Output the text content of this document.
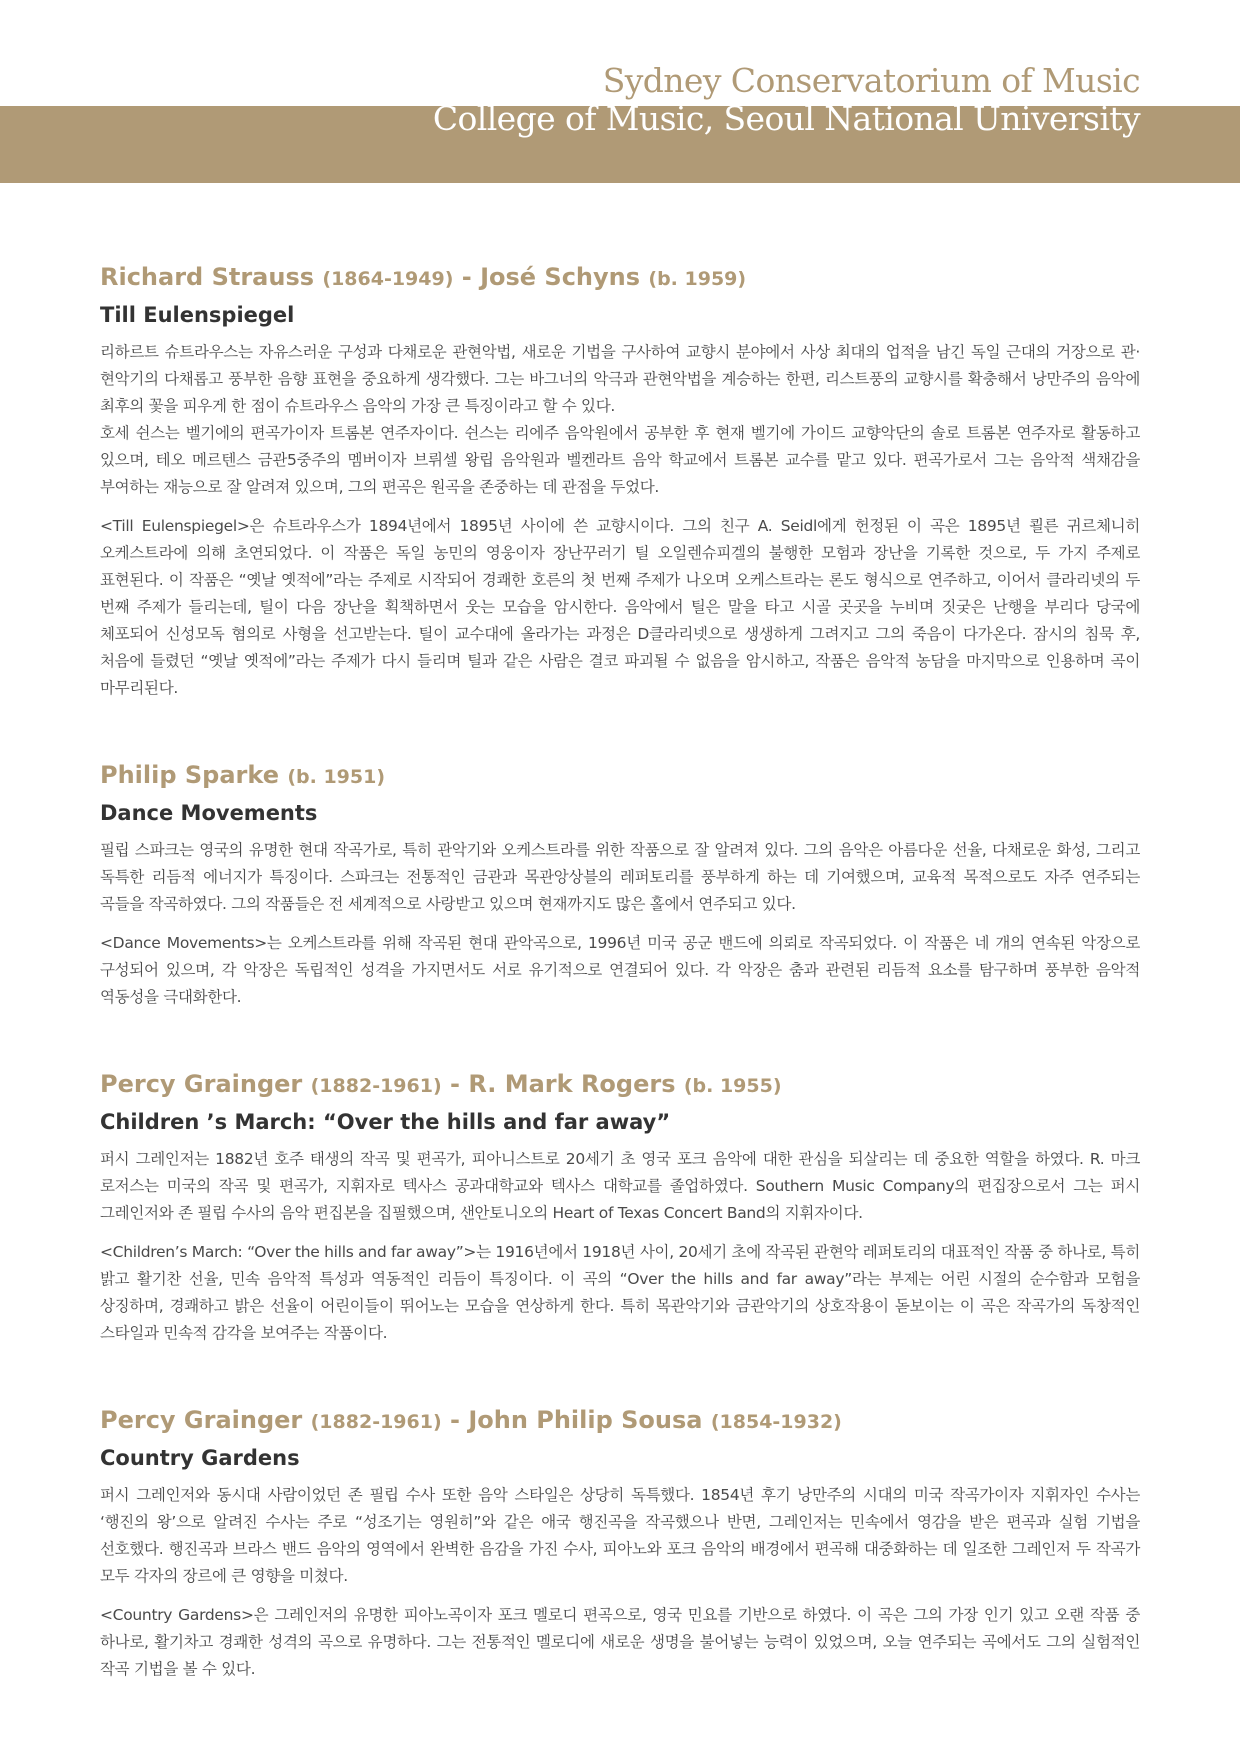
Sydney Conservatorium of Music
College of Music, Seoul National University
Richard Strauss (1864-1949) - José Schyns (b. 1959)
Till Eulenspiegel

리하르트 슈트라우스는 자유스러운 구성과 다채로운 관현악법, 새로운 기법을 구사하여 교향시 분야에서 사상 최대의 업적을 남긴 독일 근대의 거장으로 관·현악기의 다채롭고 풍부한 음향 표현을 중요하게 생각했다. 그는 바그너의 악극과 관현악법을 계승하는 한편, 리스트풍의 교향시를 확충해서 낭만주의 음악에 최후의 꽃을 피우게 한 점이 슈트라우스 음악의 가장 큰 특징이라고 할 수 있다.

호세 쉰스는 벨기에의 편곡가이자 트롬본 연주자이다. 쉰스는 리에주 음악원에서 공부한 후 현재 벨기에 가이드 교향악단의 솔로 트롬본 연주자로 활동하고 있으며, 테오 메르텐스 금관5중주의 멤버이자 브뤼셀 왕립 음악원과 벨켄라트 음악 학교에서 트롬본 교수를 맡고 있다. 편곡가로서 그는 음악적 색채감을 부여하는 재능으로 잘 알려져 있으며, 그의 편곡은 원곡을 존중하는 데 관점을 두었다.

<Till Eulenspiegel>은 슈트라우스가 1894년에서 1895년 사이에 쓴 교향시이다. 그의 친구 A. Seidl에게 헌정된 이 곡은 1895년 쾰른 귀르체니히 오케스트라에 의해 초연되었다. 이 작품은 독일 농민의 영웅이자 장난꾸러기 틸 오일렌슈피겔의 불행한 모험과 장난을 기록한 것으로, 두 가지 주제로 표현된다. 이 작품은 “옛날 옛적에”라는 주제로 시작되어 경쾌한 호른의 첫 번째 주제가 나오며 오케스트라는 론도 형식으로 연주하고, 이어서 클라리넷의 두 번째 주제가 들리는데, 틸이 다음 장난을 획책하면서 웃는 모습을 암시한다. 음악에서 틸은 말을 타고 시골 곳곳을 누비며 짓궂은 난행을 부리다 당국에 체포되어 신성모독 혐의로 사형을 선고받는다. 틸이 교수대에 올라가는 과정은 D클라리넷으로 생생하게 그려지고 그의 죽음이 다가온다. 잠시의 침묵 후, 처음에 들렸던 “옛날 옛적에”라는 주제가 다시 들리며 틸과 같은 사람은 결코 파괴될 수 없음을 암시하고, 작품은 음악적 농담을 마지막으로 인용하며 곡이 마무리된다.

Philip Sparke (b. 1951)
Dance Movements

필립 스파크는 영국의 유명한 현대 작곡가로, 특히 관악기와 오케스트라를 위한 작품으로 잘 알려져 있다. 그의 음악은 아름다운 선율, 다채로운 화성, 그리고 독특한 리듬적 에너지가 특징이다. 스파크는 전통적인 금관과 목관앙상블의 레퍼토리를 풍부하게 하는 데 기여했으며, 교육적 목적으로도 자주 연주되는 곡들을 작곡하였다. 그의 작품들은 전 세계적으로 사랑받고 있으며 현재까지도 많은 홀에서 연주되고 있다.

<Dance Movements>는 오케스트라를 위해 작곡된 현대 관악곡으로, 1996년 미국 공군 밴드에 의뢰로 작곡되었다. 이 작품은 네 개의 연속된 악장으로 구성되어 있으며, 각 악장은 독립적인 성격을 가지면서도 서로 유기적으로 연결되어 있다. 각 악장은 춤과 관련된 리듬적 요소를 탐구하며 풍부한 음악적 역동성을 극대화한다.

Percy Grainger (1882-1961) - R. Mark Rogers (b. 1955)
Children ’s March: “Over the hills and far away”

퍼시 그레인저는 1882년 호주 태생의 작곡 및 편곡가, 피아니스트로 20세기 초 영국 포크 음악에 대한 관심을 되살리는 데 중요한 역할을 하였다. R. 마크 로저스는 미국의 작곡 및 편곡가, 지휘자로 텍사스 공과대학교와 텍사스 대학교를 졸업하였다. Southern Music Company의 편집장으로서 그는 퍼시 그레인저와 존 필립 수사의 음악 편집본을 집필했으며, 샌안토니오의 Heart of Texas Concert Band의 지휘자이다.

<Children’s March: “Over the hills and far away”>는 1916년에서 1918년 사이, 20세기 초에 작곡된 관현악 레퍼토리의 대표적인 작품 중 하나로, 특히 밝고 활기찬 선율, 민속 음악적 특성과 역동적인 리듬이 특징이다. 이 곡의 “Over the hills and far away”라는 부제는 어린 시절의 순수함과 모험을 상징하며, 경쾌하고 밝은 선율이 어린이들이 뛰어노는 모습을 연상하게 한다. 특히 목관악기와 금관악기의 상호작용이 돋보이는 이 곡은 작곡가의 독창적인 스타일과 민속적 감각을 보여주는 작품이다.

Percy Grainger (1882-1961) - John Philip Sousa (1854-1932)
Country Gardens

퍼시 그레인저와 동시대 사람이었던 존 필립 수사 또한 음악 스타일은 상당히 독특했다. 1854년 후기 낭만주의 시대의 미국 작곡가이자 지휘자인 수사는 ‘행진의 왕’으로 알려진 수사는 주로 “성조기는 영원히”와 같은 애국 행진곡을 작곡했으나 반면, 그레인저는 민속에서 영감을 받은 편곡과 실험 기법을 선호했다. 행진곡과 브라스 밴드 음악의 영역에서 완벽한 음감을 가진 수사, 피아노와 포크 음악의 배경에서 편곡해 대중화하는 데 일조한 그레인저 두 작곡가 모두 각자의 장르에 큰 영향을 미쳤다.

<Country Gardens>은 그레인저의 유명한 피아노곡이자 포크 멜로디 편곡으로, 영국 민요를 기반으로 하였다. 이 곡은 그의 가장 인기 있고 오랜 작품 중 하나로, 활기차고 경쾌한 성격의 곡으로 유명하다. 그는 전통적인 멜로디에 새로운 생명을 불어넣는 능력이 있었으며, 오늘 연주되는 곡에서도 그의 실험적인 작곡 기법을 볼 수 있다.
